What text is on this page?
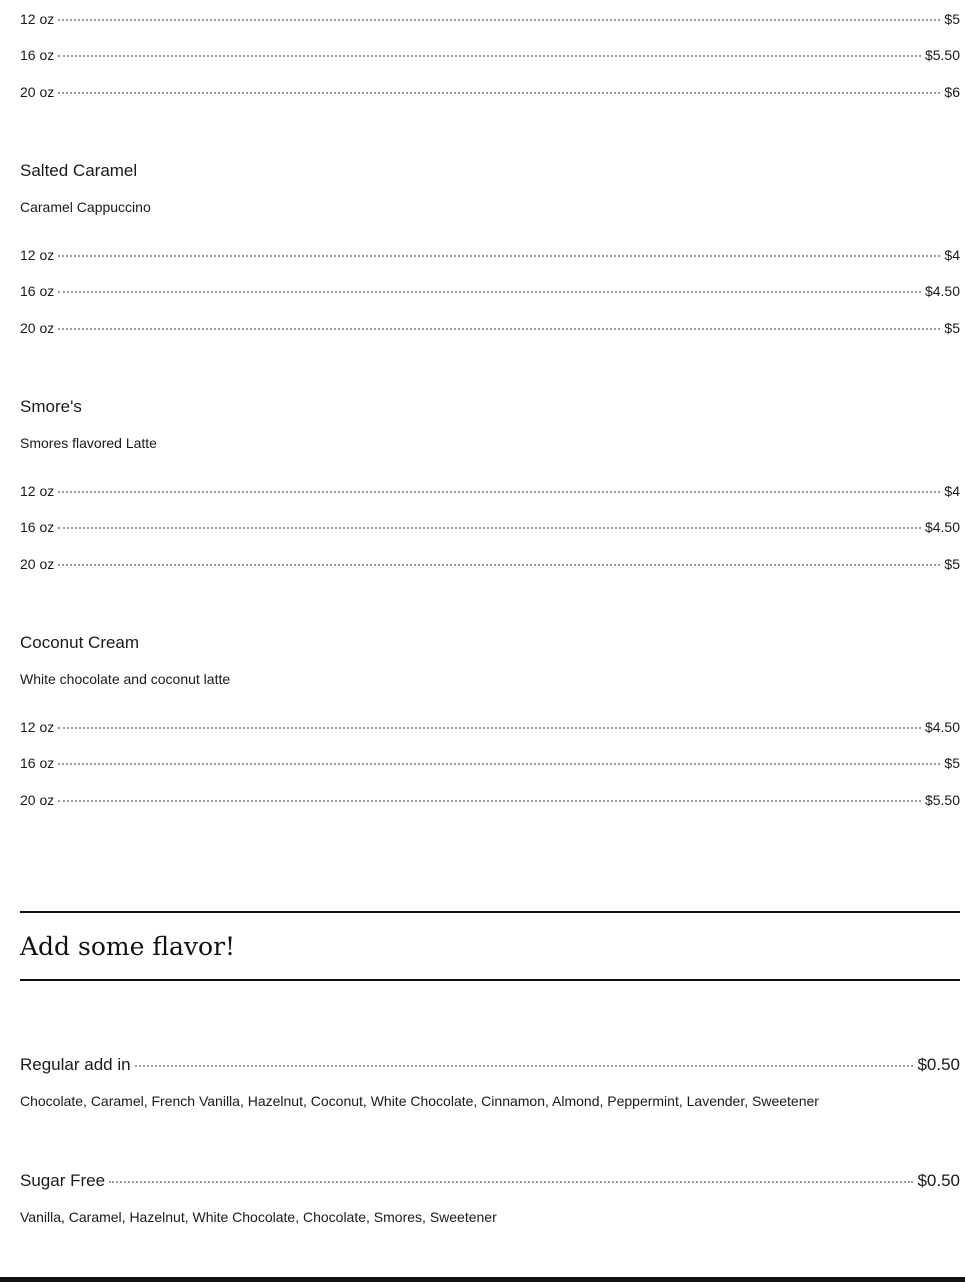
12 oz	$5
16 oz	$5.50
20 oz	$6
Salted Caramel
Caramel Cappuccino
12 oz	$4
16 oz	$4.50
20 oz	$5
Smore's
Smores flavored Latte
12 oz	$4
16 oz	$4.50
20 oz	$5
Coconut Cream
White chocolate and coconut latte
12 oz	$4.50
16 oz	$5
20 oz	$5.50
Add some flavor!
Regular add in	$0.50
Chocolate, Caramel, French Vanilla, Hazelnut, Coconut, White Chocolate, Cinnamon, Almond, Peppermint, Lavender, Sweetener
Sugar Free	$0.50
Vanilla, Caramel, Hazelnut, White Chocolate, Chocolate, Smores, Sweetener
